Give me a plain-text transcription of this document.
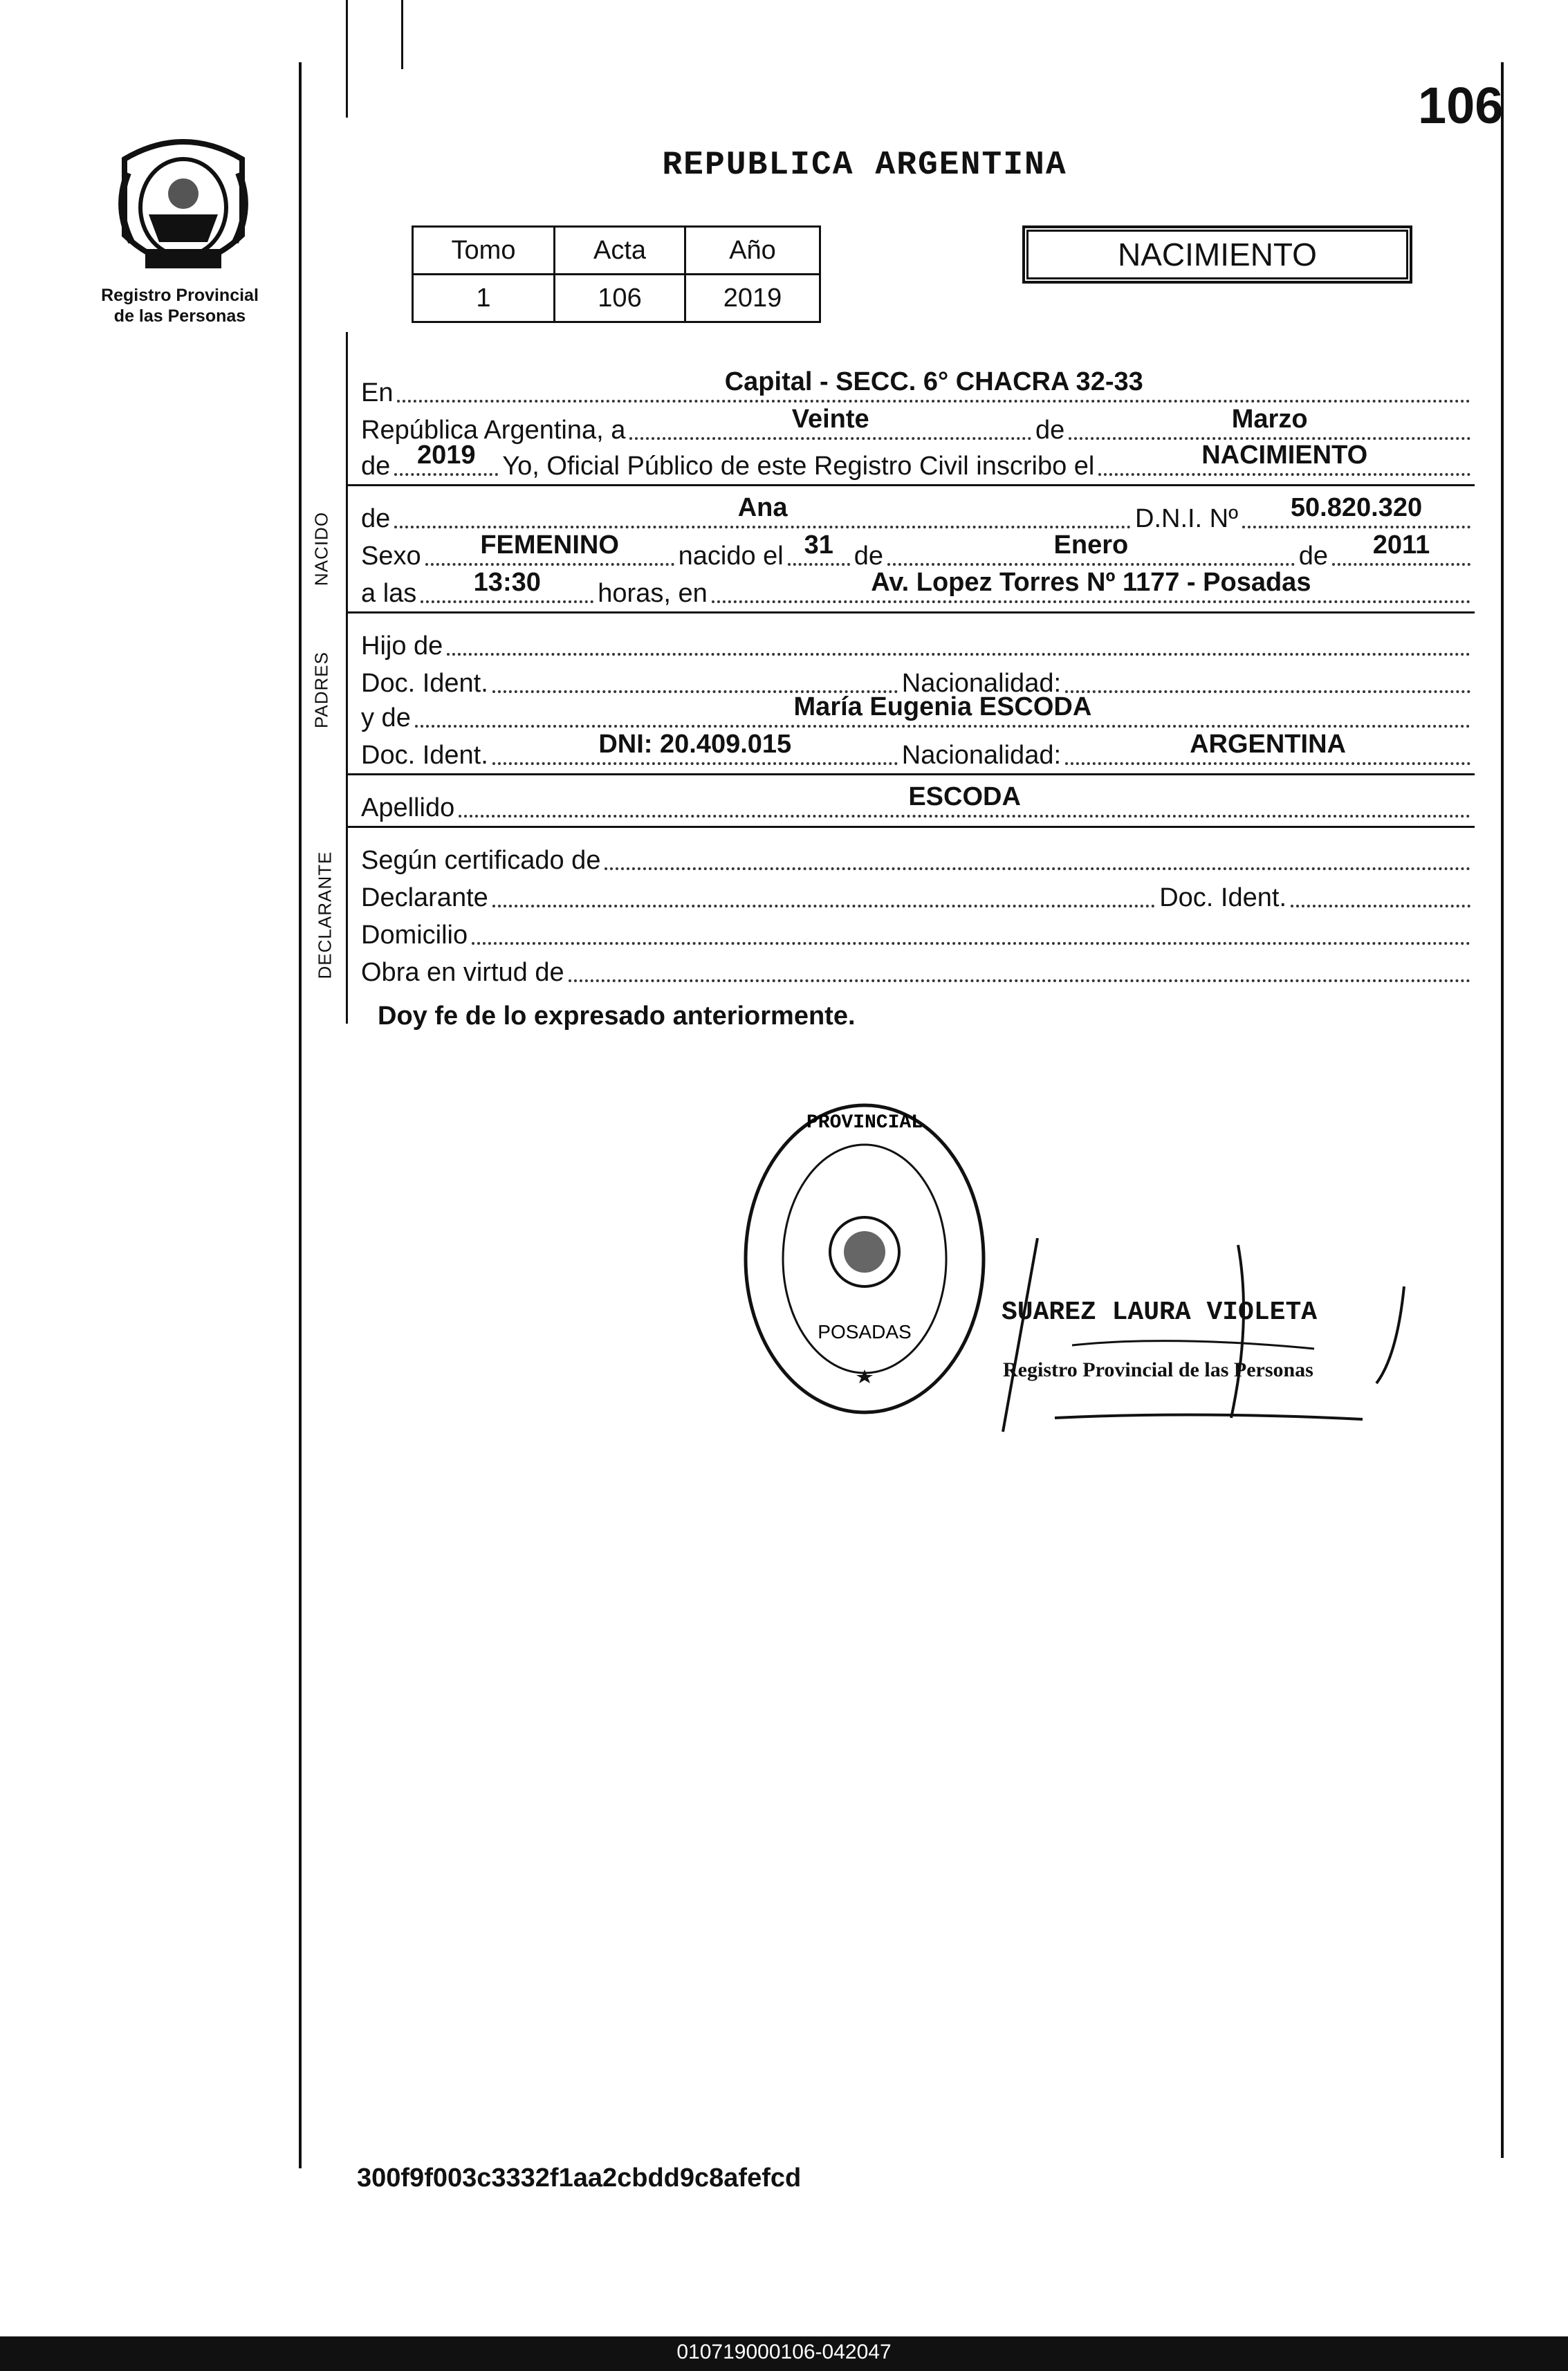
106
Registro Provincial
de las Personas
REPUBLICA ARGENTINA
Tomo	Acta	Año
1	106	2019
NACIMIENTO
NACIDO
PADRES
DECLARANTE
En	Capital - SECC. 6° CHACRA 32-33
República Argentina, a	Veinte	de	Marzo
de	2019	Yo, Oficial Público de este Registro Civil inscribo el	NACIMIENTO
de	Ana	D.N.I. Nº	50.820.320
Sexo	FEMENINO	nacido el 31 de	Enero	de	2011
a las	13:30	horas, en	Av. Lopez Torres Nº 1177 - Posadas
Hijo de
Doc. Ident.	Nacionalidad:
y de	María Eugenia ESCODA
Doc. Ident.	DNI: 20.409.015	Nacionalidad:	ARGENTINA
Apellido	ESCODA
Según certificado de
Declarante	Doc. Ident.
Domicilio
Obra en virtud de
Doy fe de lo expresado anteriormente.
PROVINCIAL
POSADAS
SUAREZ LAURA VIOLETA
Registro Provincial de las Personas
300f9f003c3332f1aa2cbdd9c8afefcd
010719000106-042047
